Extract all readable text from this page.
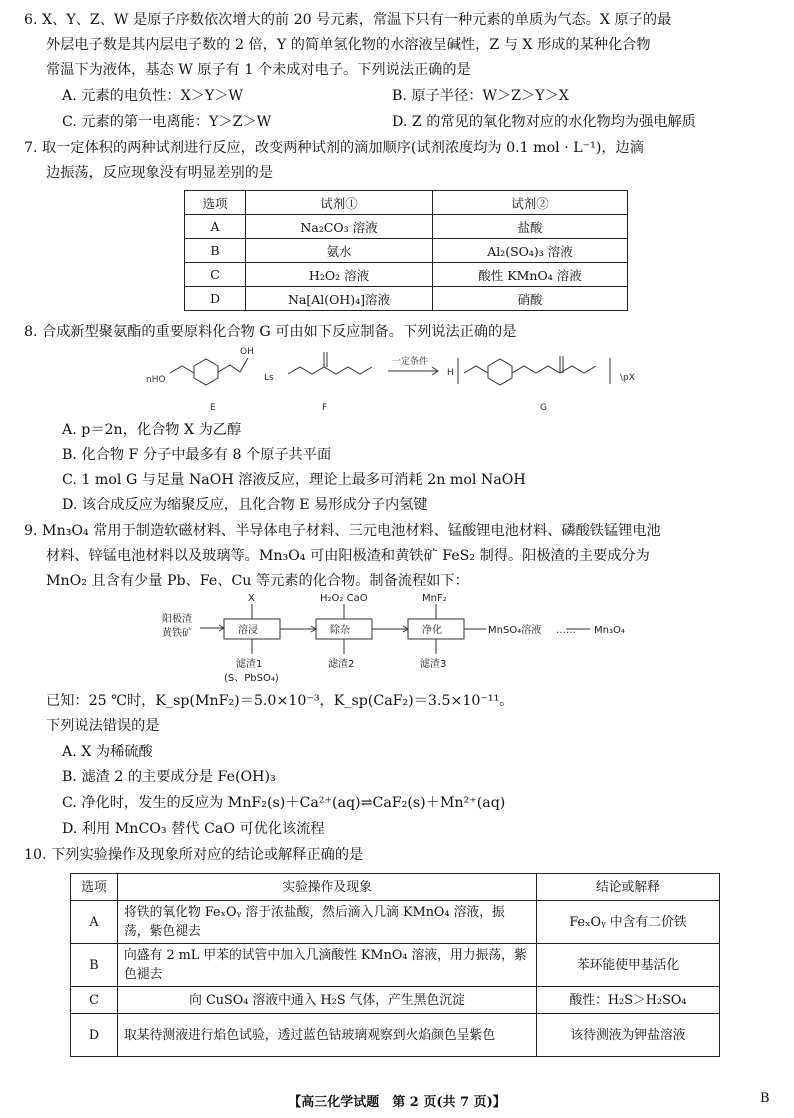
6. X、Y、Z、W 是原子序数依次增大的前 20 号元素，常温下只有一种元素的单质为气态。X 原子的最
外层电子数是其内层电子数的 2 倍，Y 的简单氢化物的水溶液呈碱性，Z 与 X 形成的某种化合物
常温下为液体，基态 W 原子有 1 个未成对电子。下列说法正确的是
A. 元素的电负性：X＞Y＞W	B. 原子半径：W＞Z＞Y＞X
C. 元素的第一电离能：Y＞Z＞W	D. Z 的常见的氧化物对应的水化物均为强电解质
7. 取一定体积的两种试剂进行反应，改变两种试剂的滴加顺序(试剂浓度均为 0.1 mol · L⁻¹)，边滴
边振荡，反应现象没有明显差别的是
选项	试剂①	试剂②
A	Na₂CO₃ 溶液	盐酸
B	氨水	Al₂(SO₄)₃ 溶液
C	H₂O₂ 溶液	酸性 KMnO₄ 溶液
D	Na[Al(OH)₄]溶液	硝酸
8. 合成新型聚氨酯的重要原料化合物 G 可由如下反应制备。下列说法正确的是
nHO
OH
E
Ls
F
一定条件
H	\pX
G
A. p＝2n，化合物 X 为乙醇
B. 化合物 F 分子中最多有 8 个原子共平面
C. 1 mol G 与足量 NaOH 溶液反应，理论上最多可消耗 2n mol NaOH
D. 该合成反应为缩聚反应，且化合物 E 易形成分子内氢键
9. Mn₃O₄ 常用于制造软磁材料、半导体电子材料、三元电池材料、锰酸锂电池材料、磷酸铁锰锂电池
材料、锌锰电池材料以及玻璃等。Mn₃O₄ 可由阳极渣和黄铁矿 FeS₂ 制得。阳极渣的主要成分为
MnO₂ 且含有少量 Pb、Fe、Cu 等元素的化合物。制备流程如下：
阳极渣
黄铁矿
X	H₂O₂ CaO	MnF₂
溶浸	除杂	净化	MnSO₄溶液 …… Mn₃O₄
滤渣1
(S、PbSO₄)
滤渣2	滤渣3
已知：25 ℃时，K_sp(MnF₂)＝5.0×10⁻³，K_sp(CaF₂)＝3.5×10⁻¹¹。
下列说法错误的是
A. X 为稀硫酸
B. 滤渣 2 的主要成分是 Fe(OH)₃
C. 净化时，发生的反应为 MnF₂(s)＋Ca²⁺(aq)⇌CaF₂(s)＋Mn²⁺(aq)
D. 利用 MnCO₃ 替代 CaO 可优化该流程
10. 下列实验操作及现象所对应的结论或解释正确的是
选项	实验操作及现象	结论或解释
A	将铁的氧化物 FeₓOᵧ 溶于浓盐酸，然后滴入几滴 KMnO₄ 溶液，振荡，紫色褪去	FeₓOᵧ 中含有二价铁
B	向盛有 2 mL 甲苯的试管中加入几滴酸性 KMnO₄ 溶液，用力振荡，紫色褪去	苯环能使甲基活化
C	向 CuSO₄ 溶液中通入 H₂S 气体，产生黑色沉淀	酸性：H₂S＞H₂SO₄
D	取某待测液进行焰色试验，透过蓝色钴玻璃观察到火焰颜色呈紫色	该待测液为钾盐溶液
【高三化学试题　第 2 页(共 7 页)】	B
